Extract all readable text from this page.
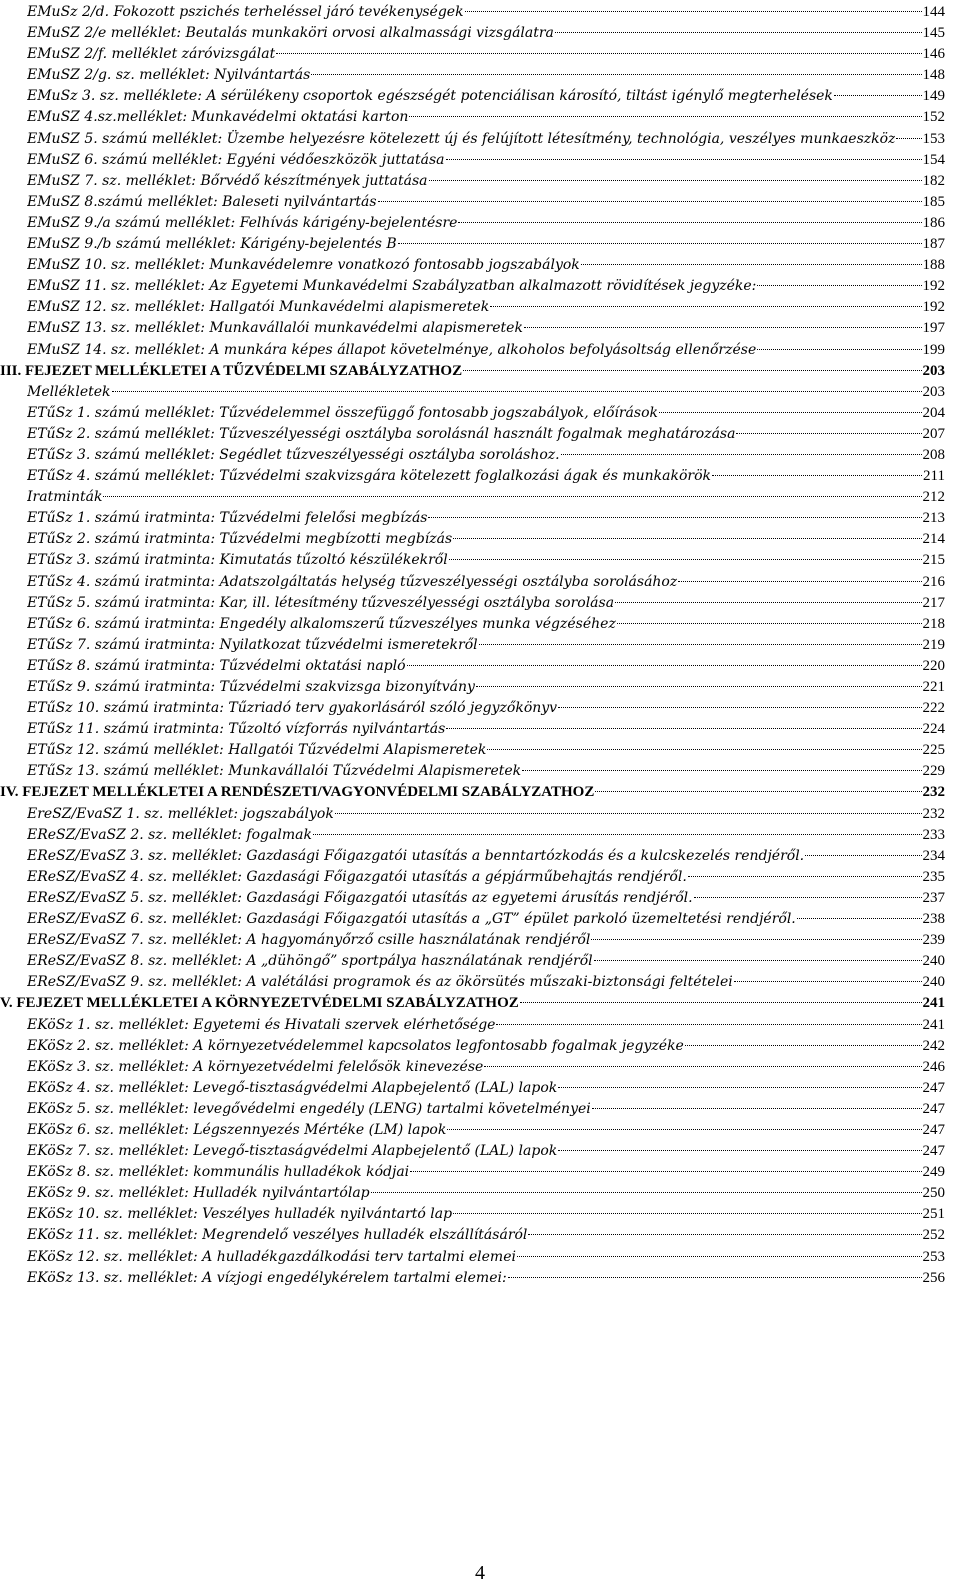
EMuSz 2/d. Fokozott pszichés terheléssel járó tevékenységek	144
EMuSZ 2/e melléklet: Beutalás munkaköri orvosi alkalmassági vizsgálatra	145
EMuSZ 2/f. melléklet záróvizsgálat	146
EMuSZ 2/g. sz. melléklet: Nyilvántartás	148
EMuSz 3. sz. melléklete: A sérülékeny csoportok egészségét potenciálisan károsító, tiltást igénylő megterhelések	149
EMuSZ 4.sz.melléklet: Munkavédelmi oktatási karton	152
EMuSZ 5. számú melléklet: Üzembe helyezésre kötelezett új és felújított létesítmény, technológia, veszélyes munkaeszköz 153
EMuSZ 6. számú melléklet: Egyéni védőeszközök juttatása	154
EMuSZ 7. sz. melléklet: Bőrvédő készítmények juttatása	182
EMuSZ 8.számú melléklet: Baleseti nyilvántartás	185
EMuSZ 9./a számú melléklet: Felhívás kárigény-bejelentésre	186
EMuSZ 9./b számú melléklet: Kárigény-bejelentés B	187
EMuSZ 10. sz. melléklet: Munkavédelemre vonatkozó fontosabb jogszabályok	188
EMuSZ 11. sz. melléklet: Az Egyetemi Munkavédelmi Szabályzatban alkalmazott rövidítések jegyzéke:	192
EMuSZ 12. sz. melléklet: Hallgatói Munkavédelmi alapismeretek	192
EMuSZ 13. sz. melléklet: Munkavállalói munkavédelmi alapismeretek	197
EMuSZ 14. sz. melléklet: A munkára képes állapot követelménye, alkoholos befolyásoltság ellenőrzése	199
III. FEJEZET MELLÉKLETEI A TŰZVÉDELMI SZABÁLYZATHOZ	203
Mellékletek	203
ETűSz 1. számú melléklet: Tűzvédelemmel összefüggő fontosabb jogszabályok, előírások	204
ETűSz 2. számú melléklet: Tűzveszélyességi osztályba sorolásnál használt fogalmak meghatározása	207
ETűSz 3. számú melléklet: Segédlet tűzveszélyességi osztályba soroláshoz.	208
ETűSz 4. számú melléklet: Tűzvédelmi szakvizsgára kötelezett foglalkozási ágak és munkakörök	211
Iratminták	212
ETűSz 1. számú iratminta: Tűzvédelmi felelősi megbízás	213
ETűSz 2. számú iratminta: Tűzvédelmi megbízotti megbízás	214
ETűSz 3. számú iratminta: Kimutatás tűzoltó készülékekről	215
ETűSz 4. számú iratminta: Adatszolgáltatás helység tűzveszélyességi osztályba sorolásához	216
ETűSz 5. számú iratminta: Kar, ill. létesítmény tűzveszélyességi osztályba sorolása	217
ETűSz 6. számú iratminta: Engedély alkalomszerű tűzveszélyes munka végzéséhez	218
ETűSz 7. számú iratminta: Nyilatkozat tűzvédelmi ismeretekről	219
ETűSz 8. számú iratminta: Tűzvédelmi oktatási napló	220
ETűSz 9. számú iratminta: Tűzvédelmi szakvizsga bizonyítvány	221
ETűSz 10. számú iratminta: Tűzriadó terv gyakorlásáról szóló jegyzőkönyv	222
ETűSz 11. számú iratminta: Tűzoltó vízforrás nyilvántartás	224
ETűSz 12. számú melléklet: Hallgatói Tűzvédelmi Alapismeretek	225
ETűSz 13. számú melléklet: Munkavállalói Tűzvédelmi Alapismeretek	229
IV. FEJEZET MELLÉKLETEI A RENDÉSZETI/VAGYONVÉDELMI SZABÁLYZATHOZ	232
EreSZ/EvaSZ 1. sz. melléklet: jogszabályok	232
EReSZ/EvaSZ 2. sz. melléklet: fogalmak	233
EReSZ/EvaSZ 3. sz. melléklet: Gazdasági Főigazgatói utasítás a benntartózkodás és a kulcskezelés rendjéről.	234
EReSZ/EvaSZ 4. sz. melléklet: Gazdasági Főigazgatói utasítás a gépjárműbehajtás rendjéről.	235
EReSZ/EvaSZ 5. sz. melléklet: Gazdasági Főigazgatói utasítás az egyetemi árusítás rendjéről.	237
EReSZ/EvaSZ 6. sz. melléklet: Gazdasági Főigazgatói utasítás a „GT” épület parkoló üzemeltetési rendjéről.	238
EReSZ/EvaSZ 7. sz. melléklet: A hagyományőrző csille használatának rendjéről	239
EReSZ/EvaSZ 8. sz. melléklet: A „dühöngő” sportpálya használatának rendjéről	240
EReSZ/EvaSZ 9. sz. melléklet: A valétálási programok és az ökörsütés műszaki-biztonsági feltételei	240
V. FEJEZET MELLÉKLETEI A KÖRNYEZETVÉDELMI SZABÁLYZATHOZ	241
EKöSz 1. sz. melléklet: Egyetemi és Hivatali szervek elérhetősége	241
EKöSz 2. sz. melléklet: A környezetvédelemmel kapcsolatos legfontosabb fogalmak jegyzéke	242
EKöSz 3. sz. melléklet: A környezetvédelmi felelősök kinevezése	246
EKöSz 4. sz. melléklet: Levegő-tisztaságvédelmi Alapbejelentő (LAL) lapok	247
EKöSz 5. sz. melléklet: levegővédelmi engedély (LENG) tartalmi követelményei	247
EKöSz 6. sz. melléklet: Légszennyezés Mértéke (LM) lapok	247
EKöSz 7. sz. melléklet: Levegő-tisztaságvédelmi Alapbejelentő (LAL) lapok	247
EKöSz 8. sz. melléklet: kommunális hulladékok kódjai	249
EKöSz 9. sz. melléklet: Hulladék nyilvántartólap	250
EKöSz 10. sz. melléklet: Veszélyes hulladék nyilvántartó lap	251
EKöSz 11. sz. melléklet: Megrendelő veszélyes hulladék elszállításáról	252
EKöSz 12. sz. melléklet: A hulladékgazdálkodási terv tartalmi elemei	253
EKöSz 13. sz. melléklet: A vízjogi engedélykérelem tartalmi elemei:	256
4
